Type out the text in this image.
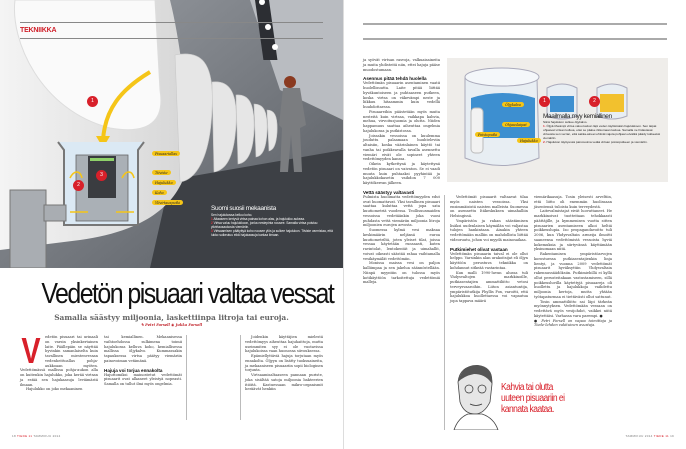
TEKNIIKKA
1
2
3
Pisuaariallas
Tiiviste
Hajulukko
Koho
Ylivirtausputki
Suomi suosii mekaanista
Sen hajulukossa kelluu koho.
1 Altaaseen kertyvä virtsa painaa kohon alas, ja hajulukko aukeaa.
2 Virtsa valuu hajulukkoon, jonka nestepinta nousee. Samalla virtsa poistuu ylivirtausaukosta viemäriin.
3 Virtsaamisen päätyttyä koho nousee ylös ja sulkee hajulukon. Tiiviste varmistaa, että lukko sulkeutuu eikä hajukaasuja karkaa ilmaan.
Vedetön pisuaari valtaa vessat
Samalla säästyy miljoonia, laskettiinpa litroja tai euroja.
✎ Petri Forsell ◉ Jukka Forsell
V	edetön pisuaari tai urinaali on varsin yksinkertainen laite. Päällepäin se näyttää hyvinkin samanlaiselta kuin tavallinen miestenvessan vedenheittoallas pohja-aukkoaan myöten. Vedettömässä mallissa pohja-aukon alla on kuitenkin hajulukko, joka kerää virtsan ja estää sen hajukaasuja leviämästä ilmaan.

Hajulukko on joko mekaaninen

tai kemiallinen. Mekaanisessa vaihtoehdossa sulkimena toimii hajulukossa kelluva koho, kemiallisessa mallissa öljykalvo. Kummassakin tapauksessa virtsa päätyy viemäriin painovoiman vetämänä.

Hajuja voi torjua ennakolta

Hajuttomiksi mainostetut vedettömät pisuaarit ovat alkaneet yleistyä nopeasti. Samalla on tullut ilmi myös ongelmia.

Joidenkin käyttäjien mielestä vedettömyys aiheuttaa hajuhaittoja, mutta useimmiten syy ei ole vuotavissa hajulukoissa vaan huonossa siivouksessa.

Epämiellyttäviä hajuja torjutaan myös ennakolta. Öljyyn on lisätty tuoksuaineita, ja mekaaniseen pisuaariin sopii biologinen torjunta.

Virtsaamisaltaaseen pannaan puriste, joka sisältää satoja miljoonia bakteerien itiöitä. Kastuessaan mikro-organismit heräävät henkiin

18 TIEDE 11 TAMMIKUU 2014

ja syövät virtsan rasvoja, valkuaisaineita ja muita yhdisteitä niin, ettei hajuja pääse muodostumaan.

Asennus pitää tehdä huolella

Vedettömän pisuaarin asentaminen vaatii huolellisuutta. Laite pitää liittää hyväkuntoiseen ja puhtaaseen putkeen, koska virtsa on väkevämpi neste ja liikkuu hitaammin kuin vedellä huuhdottaessa.

Pisuaareihin päästetään myös muita nesteitä kuin virtsaa, vaikkapa kahvia, mehua, virvoitusjuomia ja olutta. Niiden happamuus saattaa aiheuttaa ongelmia hajulukossa ja putkistossa.

Joissakin vessoissa on kuulemma jouduttu palaamaan huuhteleviin altaisiin, koska väärinlainen käyttö tai vanha tai poikkeavalla tavalla asennettu viemäri eivät ole sopineet yhteen vedettömyyden kanssa.

Oikein kytkettynä ja käytettynä vedetön pisuaari on vaivaton. Se ei vaadi muuta kuin puhtaaksi pyyhintää ja hajulukkokasetin vaihdon 7 000 käyttökerran jälkeen.

Vettä säästyy valtavasti

Pulmista huolimatta vedettömyyden edut ovat huomattavat. Yksi tavallinen pisuaari saattaa kuluttaa vettä jopa sata kuutiometriä vuodessa. Teollisuusmaiden vessoissa vedetäänkin joka vuosi puhdasta vettä viemäriin miljoonia litroja miljoonien eurojen arvosta.

Suomessa kylmä vesi maksaa keskimäärin neljänsä euroa kuutiometriltä, joten yleiset tilat, joissa vessaa käytetään runsaasti, kuten ravintolat, lentokentät ja uimahallit, voivat oikeasti säästää rahaa vaihtamalla vesikäymälät vedettömiin.

Monissa maissa vesi on paljon kalliimpaa ja sen jakelua säännöstellään. Niinpä myyntiin on tulossa myös kotikäyttöön tarkoitettuja vedettömiä malleja.

Öljykalvo
Ohjauslaipat
Poistoputki
Hajulukko
1	2
Maailmalla myy kemiallinen
Siinä hajulukon sulkee öljykalvo.
1. Öljyä tiheämpi virtsa valuu kalvon läpi veden täyttämään hajulukkoon. Sen laipat ohjaavat virtsan kulkua, ettei se pääse rikkomaan kalvoa. Samalla ne hidastavat virtausta sen verran, että sakka-aineet ehtivät vajota pohjaan eivätkä päädy tukkeeksi viemäriin.
2. Hajulukon täyttyessä painovoima vetää virtsan poistoputkeen ja viemäriin.

Vedettömät pisuaarit valtaavat tilaa myös naisten vessoissa. Yksi ensimmäisistä naisten malleista Suomessa on asennettu Itäkeskuksen uimahalliin Helsingissä.

Ympäristön ja rahan säästämisen lisäksi uudenlaisen käymälän voi valjastaa tulojen hankintaan. Ainakin yhteen vedettömään malliin on mahdollista liittää videoruutu, johon voi myydä mainosaikaa.

Putkimiehet olivat vastaan

Vedettömän pisuaarin taival ei ole ollut helppo. Varsinkin alan urakoitsijat eli öljyn käyttöön perustuva tekniikka on kohdannut sitkeää vastarintaa.

Kun malli 1990-luvun alussa tuli Yhdysvaltojen markkinoille, putkiasentajien ammattiliitto vetosi terveysvaaroihin. Liiton asiantuntija, ympäristötutkija Phyllis Fox, varoitti, että hajulukkoa huollettaessa voi vapautua jopa tappava määrä

viemärikaasuja. Tosin yleisesti arveltiin, että liitto oli enemmän huolissaan jäsentensä tuloista kuin terveydestä.

Laitevalmistajat eivät luovuttaneet. He markkinoivat tuotteitaan tehokkaasti päättäjille, ja kymmenisen vuotta sitten pisuaarien asentamiseen alkoi heltiä poikkeuslupia. Iso propagandavoitto tuli 2006, kun Yhdysvaltain armeija ilmoitti saaneensa vedettömistä vessoista hyviä kokemuksia ja siirtyvänsä käyttämään yksinomaan niitä.

Rakentamisen ympäristöarvojen korostuessa putkiasentajienkin linja lientyi, ja vuonna 2009 vedettömät pisuaarit hyväksyttiin Yhdysvaltain rakennussäädöksiin. Putkimiehillä ei kyllä ollut perusteitakaan vastustamiseen, sillä poikkeusluvilla käytettyjä pisuaareja oli huollettu ja hajulukkoja vaihdettu miljoonia kertoja, mutta yhtään työtapaturmaa ei tiettävästi ollut sattunut.

Tosin ammattiliitto sai läpi tärkeän myönnytyksen. Vedettömään vessaan on vedettävä myös vesijohdot, vaikkei niitä käytettäisi. Varhassa vara parempi. ●

● Petri Forsell on vapaa toimittaja ja Tiede-lehden vakituinen avustaja.

Kahvia tai olutta uuteen pisuaariin ei kannata kaataa.
TAMMIKUU 2014 TIEDE 11 19
